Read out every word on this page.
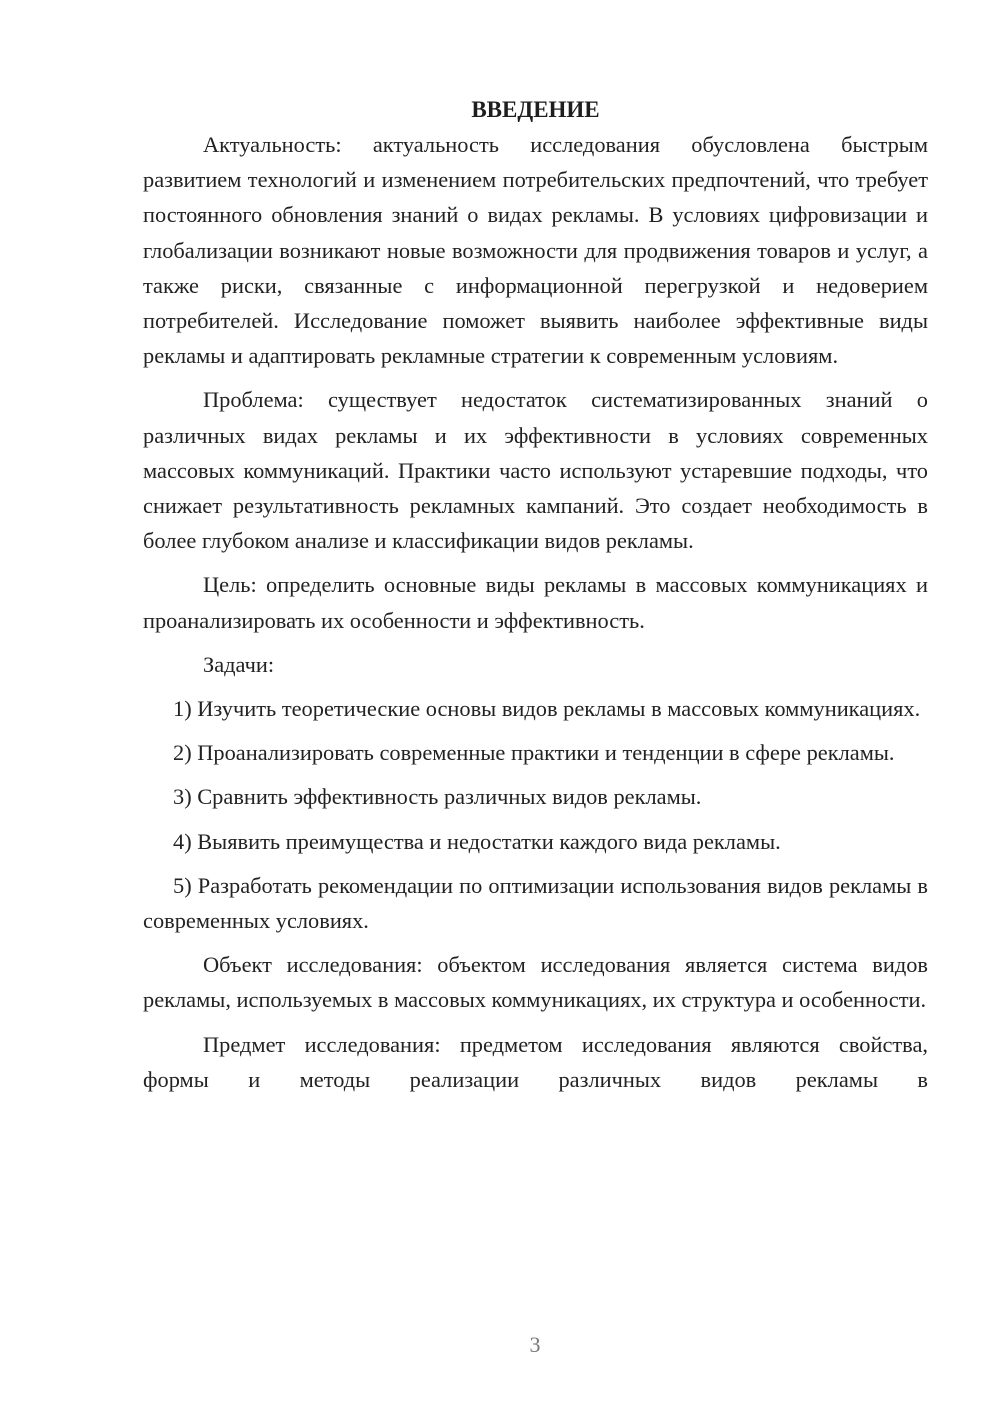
ВВЕДЕНИЕ

Актуальность: актуальность исследования обусловлена быстрым развитием технологий и изменением потребительских предпочтений, что требует постоянного обновления знаний о видах рекламы. В условиях цифровизации и глобализации возникают новые возможности для продвижения товаров и услуг, а также риски, связанные с информационной перегрузкой и недоверием потребителей. Исследование поможет выявить наиболее эффективные виды рекламы и адаптировать рекламные стратегии к современным условиям.

Проблема: существует недостаток систематизированных знаний о различных видах рекламы и их эффективности в условиях современных массовых коммуникаций. Практики часто используют устаревшие подходы, что снижает результативность рекламных кампаний. Это создает необходимость в более глубоком анализе и классификации видов рекламы.

Цель: определить основные виды рекламы в массовых коммуникациях и проанализировать их особенности и эффективность.

Задачи:

1) Изучить теоретические основы видов рекламы в массовых коммуникациях.

2) Проанализировать современные практики и тенденции в сфере рекламы.

3) Сравнить эффективность различных видов рекламы.

4) Выявить преимущества и недостатки каждого вида рекламы.

5) Разработать рекомендации по оптимизации использования видов рекламы в современных условиях.

Объект исследования: объектом исследования является система видов рекламы, используемых в массовых коммуникациях, их структура и особенности.

Предмет исследования: предметом исследования являются свойства, формы и методы реализации различных видов рекламы в

3
